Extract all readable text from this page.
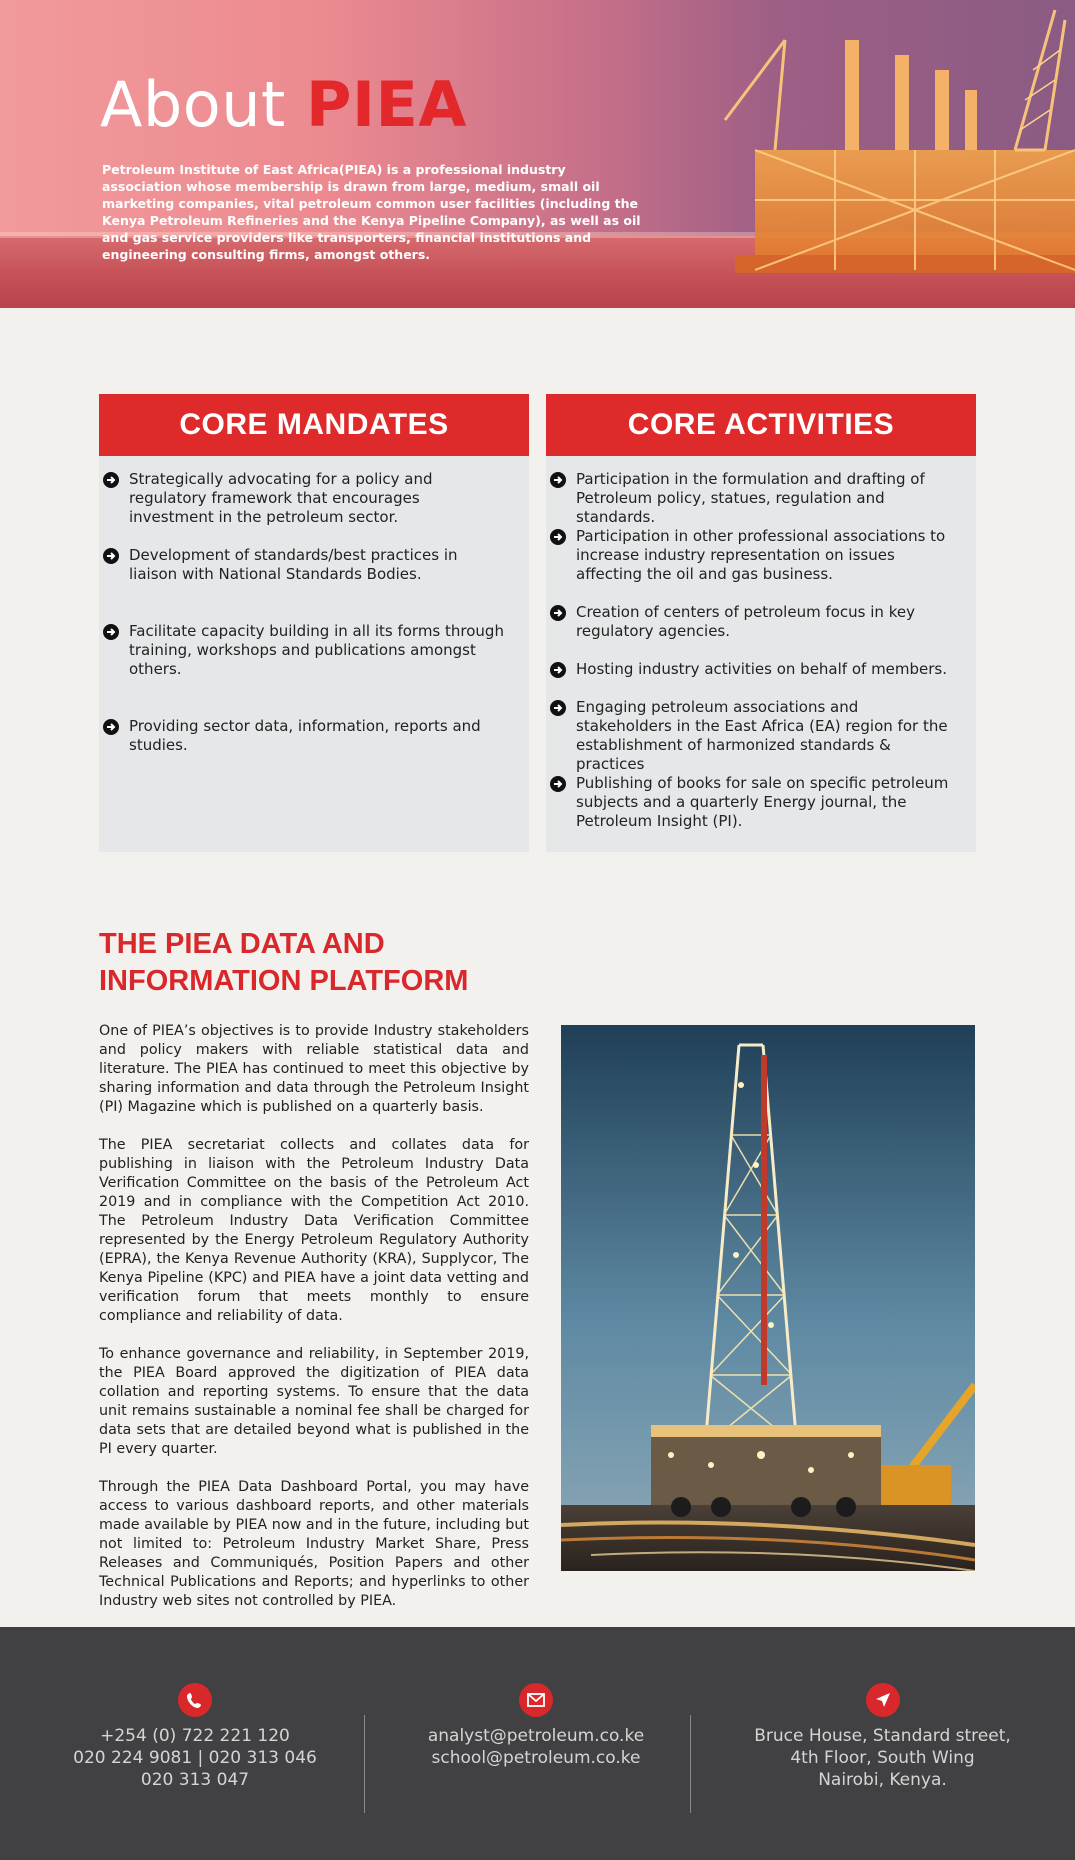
About PIEA

Petroleum Institute of East Africa(PIEA) is a professional industry association whose membership is drawn from large, medium, small oil marketing companies, vital petroleum common user facilities (including the Kenya Petroleum Refineries and the Kenya Pipeline Company), as well as oil and gas service providers like transporters, financial institutions and engineering consulting firms, amongst others.

CORE MANDATES
Strategically advocating for a policy and regulatory framework that encourages investment in the petroleum sector.
Development of standards/best practices in liaison with National Standards Bodies.
Facilitate capacity building in all its forms through training, workshops and publications amongst others.
Providing sector data, information, reports and studies.
CORE ACTIVITIES
Participation in the formulation and drafting of Petroleum policy, statues, regulation and standards.
Participation in other professional associations to increase industry representation on issues affecting the oil and gas business.
Creation of centers of petroleum focus in key regulatory agencies.
Hosting industry activities on behalf of members.
Engaging petroleum associations and stakeholders in the East Africa (EA) region for the establishment of harmonized standards & practices
Publishing of books for sale on specific petroleum subjects and a quarterly Energy journal, the Petroleum Insight (PI).
THE PIEA DATA AND
INFORMATION PLATFORM

One of PIEA’s objectives is to provide Industry stakeholders and policy makers with reliable statistical data and literature. The PIEA has continued to meet this objective by sharing information and data through the Petroleum Insight (PI) Magazine which is published on a quarterly basis.

The PIEA secretariat collects and collates data for publishing in liaison with the Petroleum Industry Data Verification Committee on the basis of the Petroleum Act 2019 and in compliance with the Competition Act 2010. The Petroleum Industry Data Verification Committee represented by the Energy Petroleum Regulatory Authority (EPRA), the Kenya Revenue Authority (KRA), Supplycor, The Kenya Pipeline (KPC) and PIEA have a joint data vetting and verification forum that meets monthly to ensure compliance and reliability of data.

To enhance governance and reliability, in September 2019, the PIEA Board approved the digitization of PIEA data collation and reporting systems. To ensure that the data unit remains sustainable a nominal fee shall be charged for data sets that are detailed beyond what is published in the PI every quarter.

Through the PIEA Data Dashboard Portal, you may have access to various dashboard reports, and other materials made available by PIEA now and in the future, including but not limited to: Petroleum Industry Market Share, Press Releases and Communiqués, Position Papers and other Technical Publications and Reports; and hyperlinks to other Industry web sites not controlled by PIEA.

+254 (0) 722 221 120
020 224 9081 | 020 313 046
020 313 047
analyst@petroleum.co.ke
school@petroleum.co.ke
Bruce House, Standard street,
4th Floor, South Wing
Nairobi, Kenya.
